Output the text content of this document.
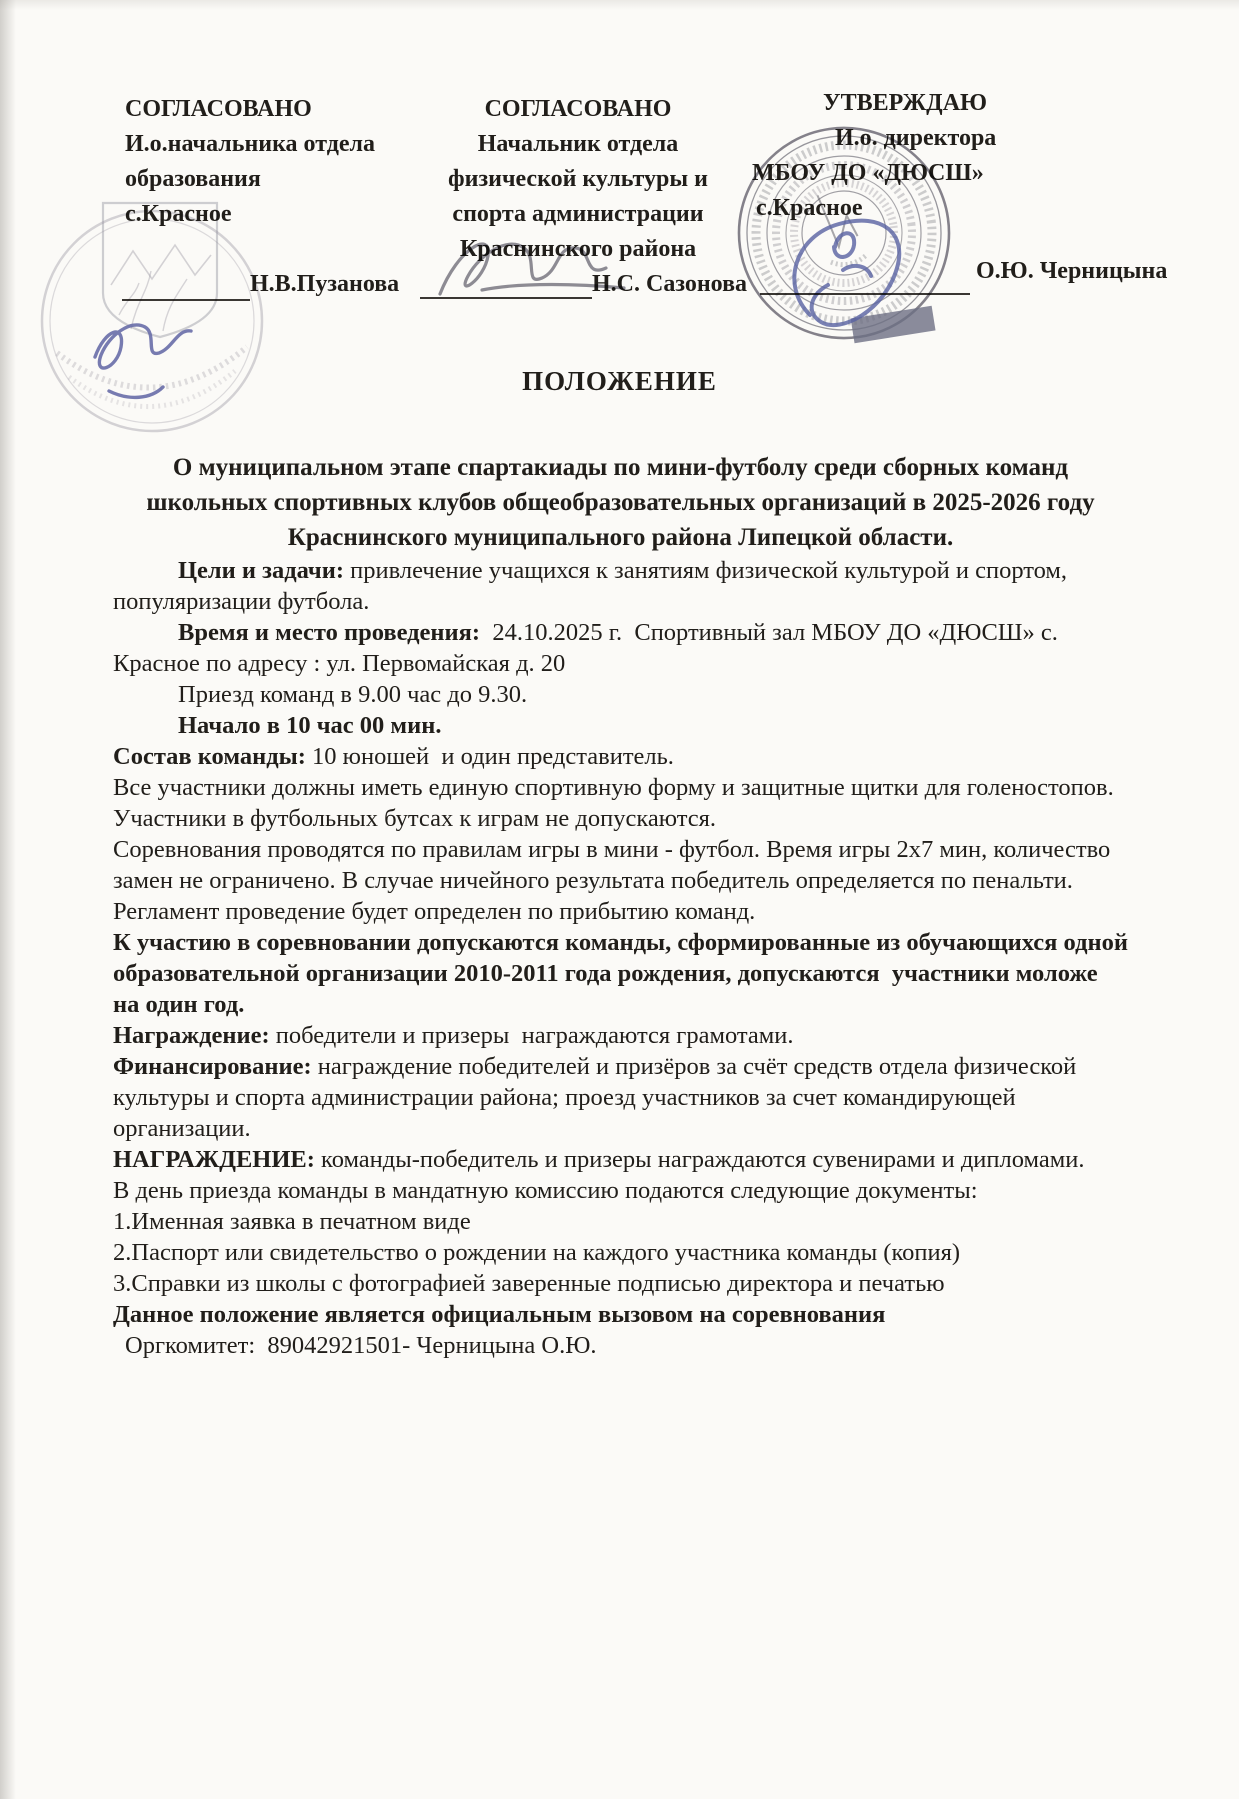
СОГЛАСОВАНО
И.о.начальника отдела
образования
с.Красное
СОГЛАСОВАНО
Начальник отдела
физической культуры и
спорта администрации
Краснинского района
УТВЕРЖДАЮ
И.о. директора
МБОУ ДО «ДЮСШ»
с.Красное
Н.В.Пузанова	Н.С. Сазонова	О.Ю. Черницына
ПОЛОЖЕНИЕ
О муниципальном этапе спартакиады по мини-футболу среди сборных команд
школьных спортивных клубов общеобразовательных организаций в 2025-2026 году
Краснинского муниципального района Липецкой области.

Цели и задачи: привлечение учащихся к занятиям физической культурой и спортом, популяризации футбола.

Время и место проведения:  24.10.2025 г.  Спортивный зал МБОУ ДО «ДЮСШ» с. Красное по адресу : ул. Первомайская д. 20

Приезд команд в 9.00 час до 9.30.

Начало в 10 час 00 мин.

Состав команды: 10 юношей  и один представитель.

Все участники должны иметь единую спортивную форму и защитные щитки для голеностопов. Участники в футбольных бутсах к играм не допускаются.

Соревнования проводятся по правилам игры в мини - футбол. Время игры 2х7 мин, количество замен не ограничено. В случае ничейного результата победитель определяется по пенальти. Регламент проведение будет определен по прибытию команд.

К участию в соревновании допускаются команды, сформированные из обучающихся одной образовательной организации 2010-2011 года рождения, допускаются  участники моложе на один год.

Награждение: победители и призеры  награждаются грамотами.

Финансирование: награждение победителей и призёров за счёт средств отдела физической культуры и спорта администрации района; проезд участников за счет командирующей организации.

НАГРАЖДЕНИЕ: команды-победитель и призеры награждаются сувенирами и дипломами.

В день приезда команды в мандатную комиссию подаются следующие документы:

1.Именная заявка в печатном виде

2.Паспорт или свидетельство о рождении на каждого участника команды (копия)

3.Справки из школы с фотографией заверенные подписью директора и печатью

Данное положение является официальным вызовом на соревнования

Оргкомитет:  89042921501- Черницына О.Ю.
